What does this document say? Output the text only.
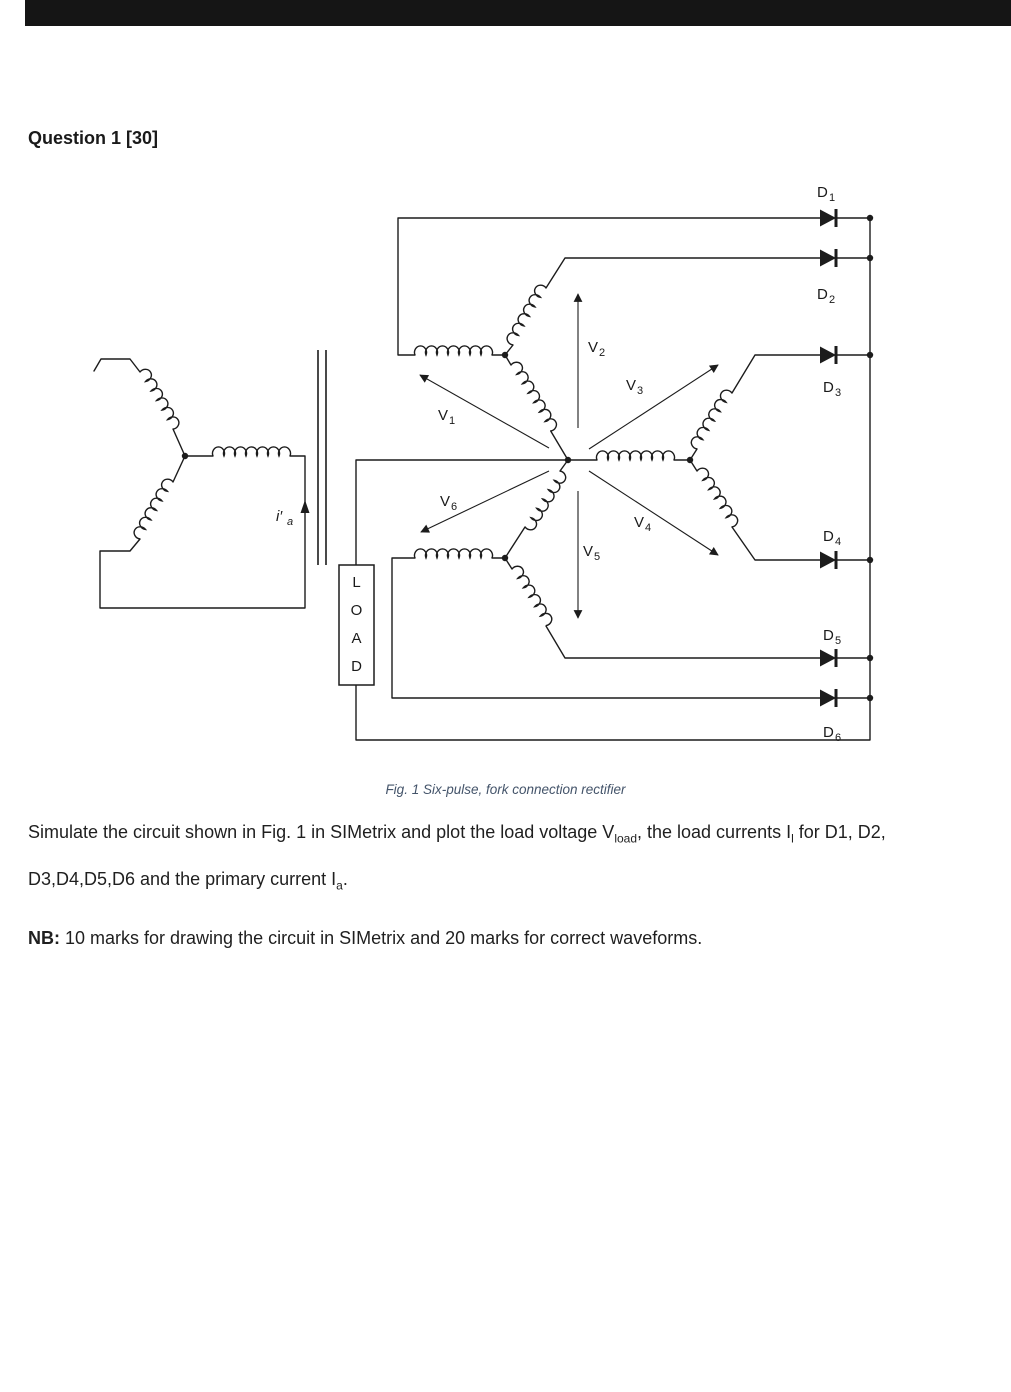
Question 1 [30]
L
O
A
D
D 1
D 2
D 3
D 4
D 5
D 6
V 1
V 2
V 3
V 4
V 5
V 6
i′ a
Fig. 1 Six-pulse, fork connection rectifier

Simulate the circuit shown in Fig. 1 in SIMetrix and plot the load voltage $V_{load}$, the load currents $I_l$ for D1, D2, D3,D4,D5,D6 and the primary current $I_a$.

NB: 10 marks for drawing the circuit in SIMetrix and 20 marks for correct waveforms.
